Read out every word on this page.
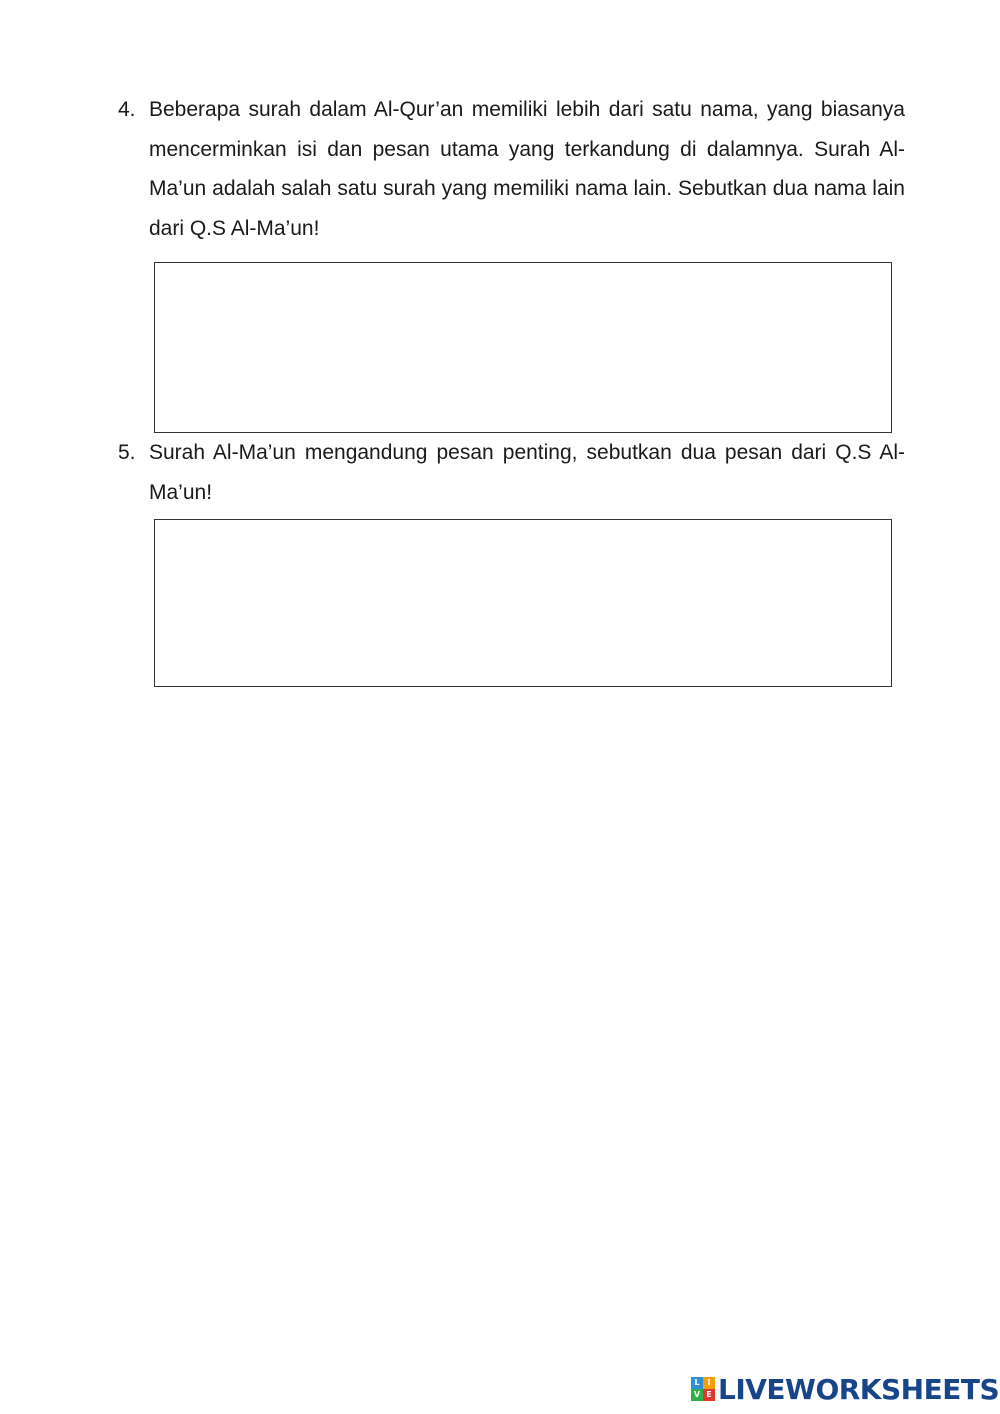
4. Beberapa surah dalam Al-Qur’an memiliki lebih dari satu nama, yang biasanya mencerminkan isi dan pesan utama yang terkandung di dalamnya. Surah Al-Ma’un adalah salah satu surah yang memiliki nama lain. Sebutkan dua nama lain dari Q.S Al-Ma’un!
5. Surah Al-Ma’un mengandung pesan penting, sebutkan dua pesan dari Q.S Al-Ma’un!
L I
V E LIVEWORKSHEETS
